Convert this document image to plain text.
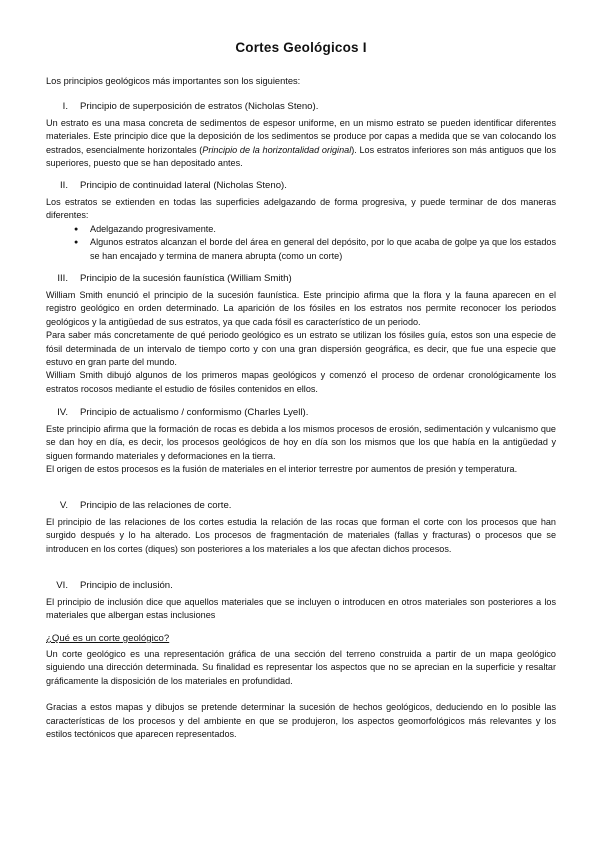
Cortes Geológicos I

Los principios geológicos más importantes son los siguientes:

I.	Principio de superposición de estratos (Nicholas Steno).

Un estrato es una masa concreta de sedimentos de espesor uniforme, en un mismo estrato se pueden identificar diferentes materiales. Este principio dice que la deposición de los sedimentos se produce por capas a medida que se van colocando los estrados, esencialmente horizontales (Principio de la horizontalidad original). Los estratos inferiores son más antiguos que los superiores, puesto que se han depositado antes.

II.	Principio de continuidad lateral (Nicholas Steno).

Los estratos se extienden en todas las superficies adelgazando de forma progresiva, y puede terminar de dos maneras diferentes:

● Adelgazando progresivamente.
● Algunos estratos alcanzan el borde del área en general del depósito, por lo que acaba de golpe ya que los estados se han encajado y termina de manera abrupta (como un corte)
III.	Principio de la sucesión faunística (William Smith)

William Smith enunció el principio de la sucesión faunística. Este principio afirma que la flora y la fauna aparecen en el registro geológico en orden determinado. La aparición de los fósiles en los estratos nos permite reconocer los periodos geológicos y la antigüedad de sus estratos, ya que cada fósil es característico de un periodo.

Para saber más concretamente de qué periodo geológico es un estrato se utilizan los fósiles guía, estos son una especie de fósil determinada de un intervalo de tiempo corto y con una gran dispersión geográfica, es decir, que fue una especie que estuvo en gran parte del mundo.

William Smith dibujó algunos de los primeros mapas geológicos y comenzó el proceso de ordenar cronológicamente los estratos rocosos mediante el estudio de fósiles contenidos en ellos.

IV.	Principio de actualismo / conformismo (Charles Lyell).

Este principio afirma que la formación de rocas es debida a los mismos procesos de erosión, sedimentación y vulcanismo que se dan hoy en día, es decir, los procesos geológicos de hoy en día son los mismos que los que había en la antigüedad y siguen formando materiales y deformaciones en la tierra.

El origen de estos procesos es la fusión de materiales en el interior terrestre por aumentos de presión y temperatura.

V.	Principio de las relaciones de corte.

El principio de las relaciones de los cortes estudia la relación de las rocas que forman el corte con los procesos que han surgido después y lo ha alterado. Los procesos de fragmentación de materiales (fallas y fracturas) o procesos que se introducen en los cortes (diques) son posteriores a los materiales a los que afectan dichos procesos.

VI.	Principio de inclusión.

El principio de inclusión dice que aquellos materiales que se incluyen o introducen en otros materiales son posteriores a los materiales que albergan estas inclusiones

¿Qué es un corte geológico?

Un corte geológico es una representación gráfica de una sección del terreno construida a partir de un mapa geológico siguiendo una dirección determinada. Su finalidad es representar los aspectos que no se aprecian en la superficie y resaltar gráficamente la disposición de los materiales en profundidad.

Gracias a estos mapas y dibujos se pretende determinar la sucesión de hechos geológicos, deduciendo en lo posible las características de los procesos y del ambiente en que se produjeron, los aspectos geomorfológicos más relevantes y los estilos tectónicos que aparecen representados.
